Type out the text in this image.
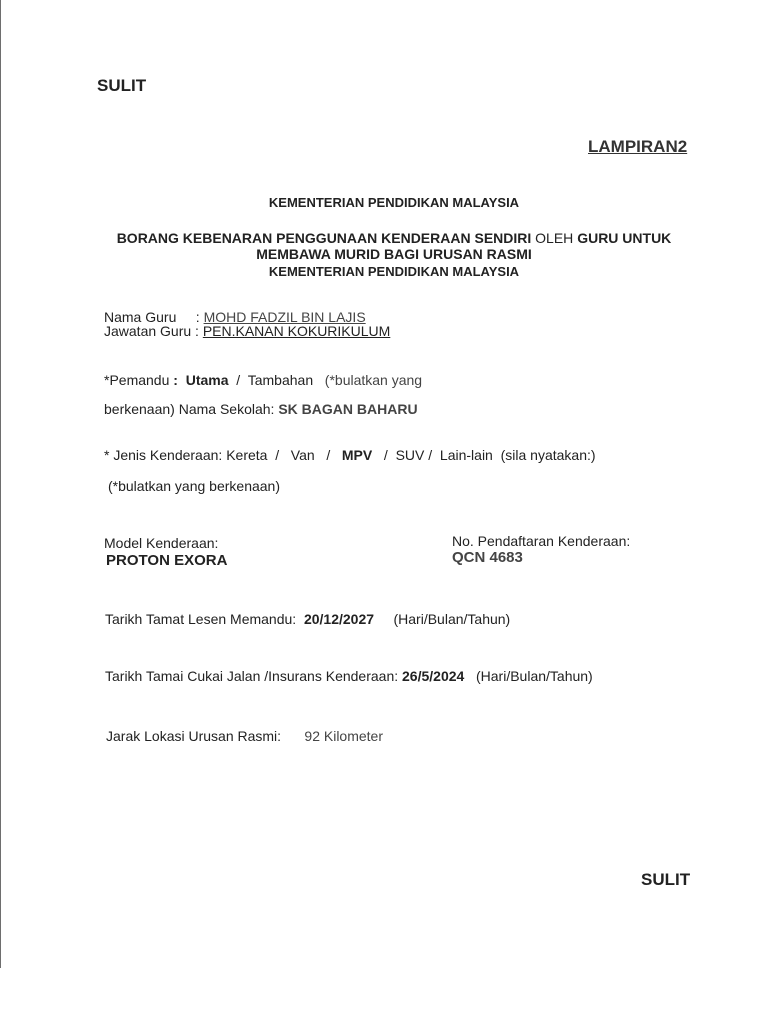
SULIT
LAMPIRAN2
KEMENTERIAN PENDIDIKAN MALAYSIA
BORANG KEBENARAN PENGGUNAAN KENDERAAN SENDIRI OLEH GURU UNTUK
MEMBAWA MURID BAGI URUSAN RASMI
KEMENTERIAN PENDIDIKAN MALAYSIA
Nama Guru     : MOHD FADZIL BIN LAJIS
Jawatan Guru : PEN.KANAN KOKURIKULUM
*Pemandu :  Utama  /  Tambahan   (*bulatkan yang
berkenaan) Nama Sekolah: SK BAGAN BAHARU
* Jenis Kenderaan: Kereta  /   Van   /   MPV   /  SUV /  Lain-lain  (sila nyatakan:)
(*bulatkan yang berkenaan)
Model Kenderaan:
PROTON EXORA
No. Pendaftaran Kenderaan:
QCN 4683
Tarikh Tamat Lesen Memandu: 20/12/2027 (Hari/Bulan/Tahun)
Tarikh Tamai Cukai Jalan /Insurans Kenderaan: 26/5/2024 (Hari/Bulan/Tahun)
Jarak Lokasi Urusan Rasmi: 92 Kilometer
SULIT
